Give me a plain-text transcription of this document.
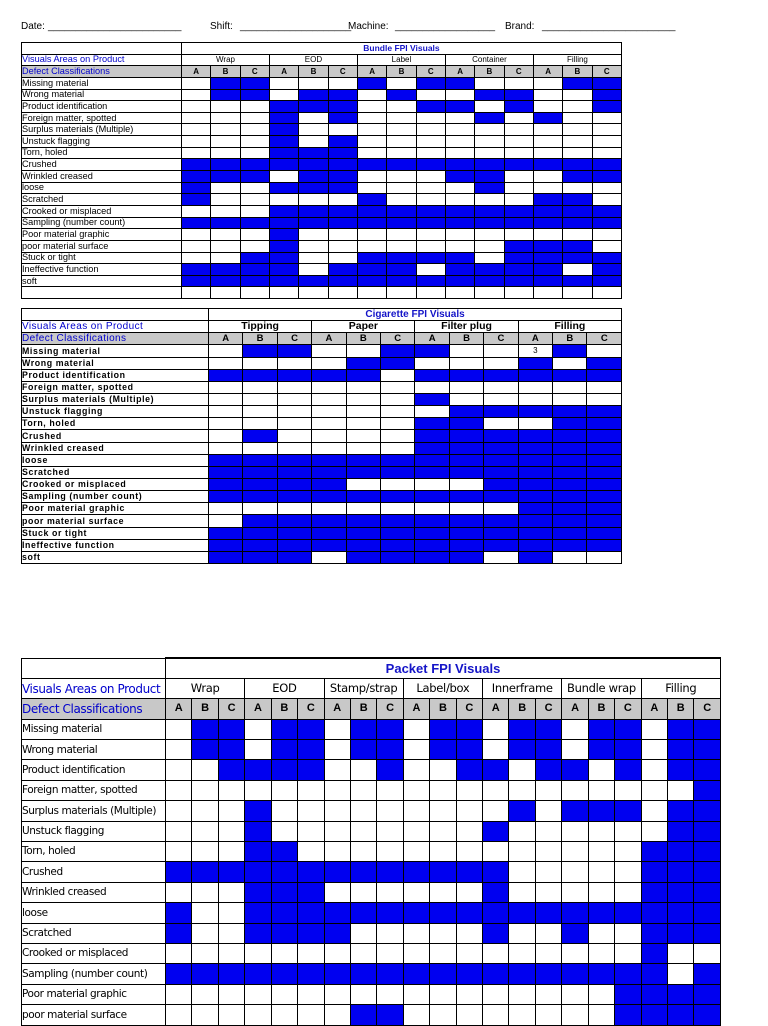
Date: ________________________	Shift: ____________________
Machine: __________________ Brand: ________________________
	Bundle FPI Visuals														
Visuals Areas on Product	Wrap			EOD			Label			Container			Filling		
Defect Classifications	A	B	C	A	B	C	A	B	C	A	B	C	A	B	C
Missing material															
Wrong material															
Product identification															
Foreign matter, spotted															
Surplus materials (Multiple)															
Unstuck flagging															
Torn, holed															
Crushed															
Wrinkled creased															
loose															
Scratched															
Crooked or misplaced															
Sampling (number count)															
Poor material graphic															
poor material surface															
Stuck or tight															
Ineffective function															
soft															

	Cigarette FPI Visuals											
Visuals Areas on Product	Tipping			Paper			Filter plug			Filling		
Defect Classifications	A	B	C	A	B	C	A	B	C	A	B	C
Missing material										3		
Wrong material												
Product identification												
Foreign matter, spotted												
Surplus materials (Multiple)												
Unstuck flagging												
Torn, holed												
Crushed												
Wrinkled creased												
loose												
Scratched												
Crooked or misplaced												
Sampling (number count)												
Poor material graphic												
poor material surface												
Stuck or tight												
Ineffective function												
soft												
	Packet FPI Visuals																				
Visuals Areas on Product	Wrap			EOD			Stamp/strap			Label/box			Innerframe			Bundle wrap			Filling		
Defect Classifications	A	B	C	A	B	C	A	B	C	A	B	C	A	B	C	A	B	C	A	B	C
Missing material																					
Wrong material																					
Product identification																					
Foreign matter, spotted																					
Surplus materials (Multiple)																					
Unstuck flagging																					
Torn, holed																					
Crushed																					
Wrinkled creased																					
loose																					
Scratched																					
Crooked or misplaced																					
Sampling (number count)																					
Poor material graphic																					
poor material surface																					
